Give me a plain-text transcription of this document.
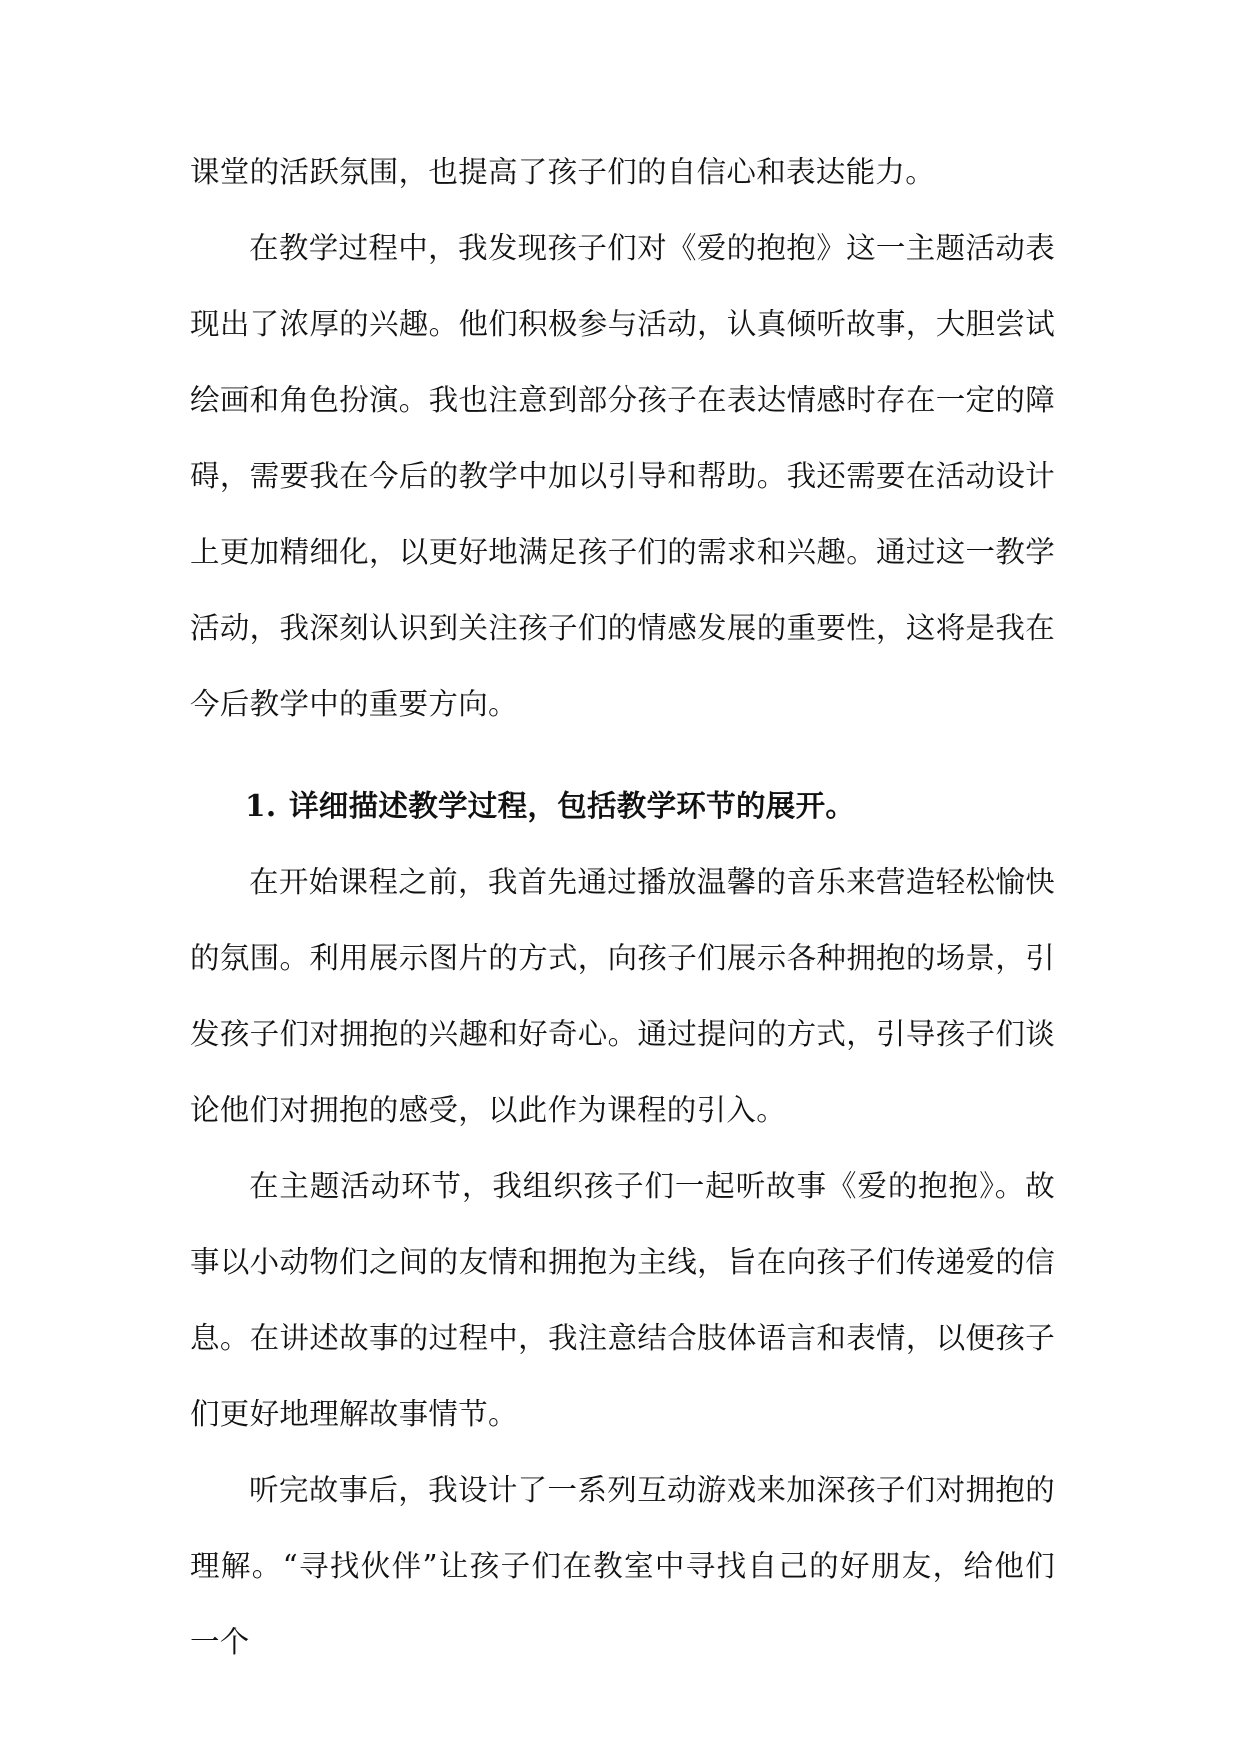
课堂的活跃氛围，也提高了孩子们的自信心和表达能力。

在教学过程中，我发现孩子们对《爱的抱抱》这一主题活动表现出了浓厚的兴趣。他们积极参与活动，认真倾听故事，大胆尝试绘画和角色扮演。我也注意到部分孩子在表达情感时存在一定的障碍，需要我在今后的教学中加以引导和帮助。我还需要在活动设计上更加精细化，以更好地满足孩子们的需求和兴趣。通过这一教学活动，我深刻认识到关注孩子们的情感发展的重要性，这将是我在今后教学中的重要方向。

1. 详细描述教学过程，包括教学环节的展开。

在开始课程之前，我首先通过播放温馨的音乐来营造轻松愉快的氛围。利用展示图片的方式，向孩子们展示各种拥抱的场景，引发孩子们对拥抱的兴趣和好奇心。通过提问的方式，引导孩子们谈论他们对拥抱的感受，以此作为课程的引入。

在主题活动环节，我组织孩子们一起听故事《爱的抱抱》。故事以小动物们之间的友情和拥抱为主线，旨在向孩子们传递爱的信息。在讲述故事的过程中，我注意结合肢体语言和表情，以便孩子们更好地理解故事情节。

听完故事后，我设计了一系列互动游戏来加深孩子们对拥抱的理解。“寻找伙伴”让孩子们在教室中寻找自己的好朋友，给他们一个
